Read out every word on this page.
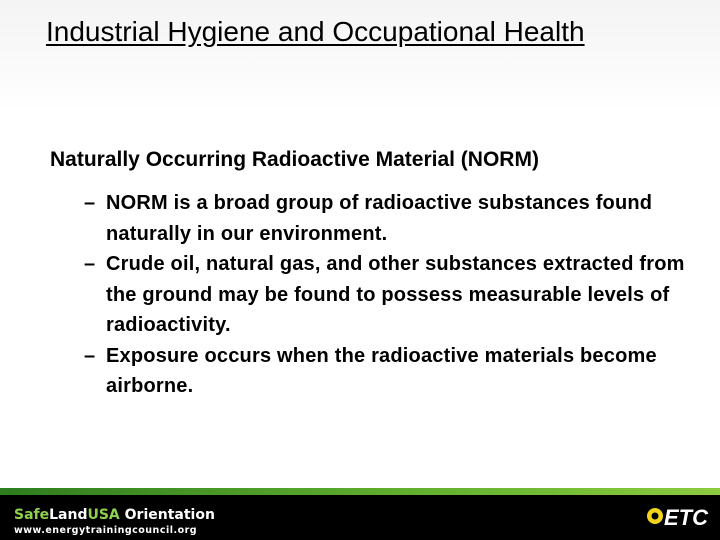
Industrial Hygiene and Occupational Health
Naturally Occurring Radioactive Material (NORM)
– NORM is a broad group of radioactive substances found naturally in our environment.
– Crude oil, natural gas, and other substances extracted from the ground may be found to possess measurable levels of radioactivity.
– Exposure occurs when the radioactive materials become airborne.
SafeLandUSA Orientation
www.energytrainingcouncil.org
ETC
